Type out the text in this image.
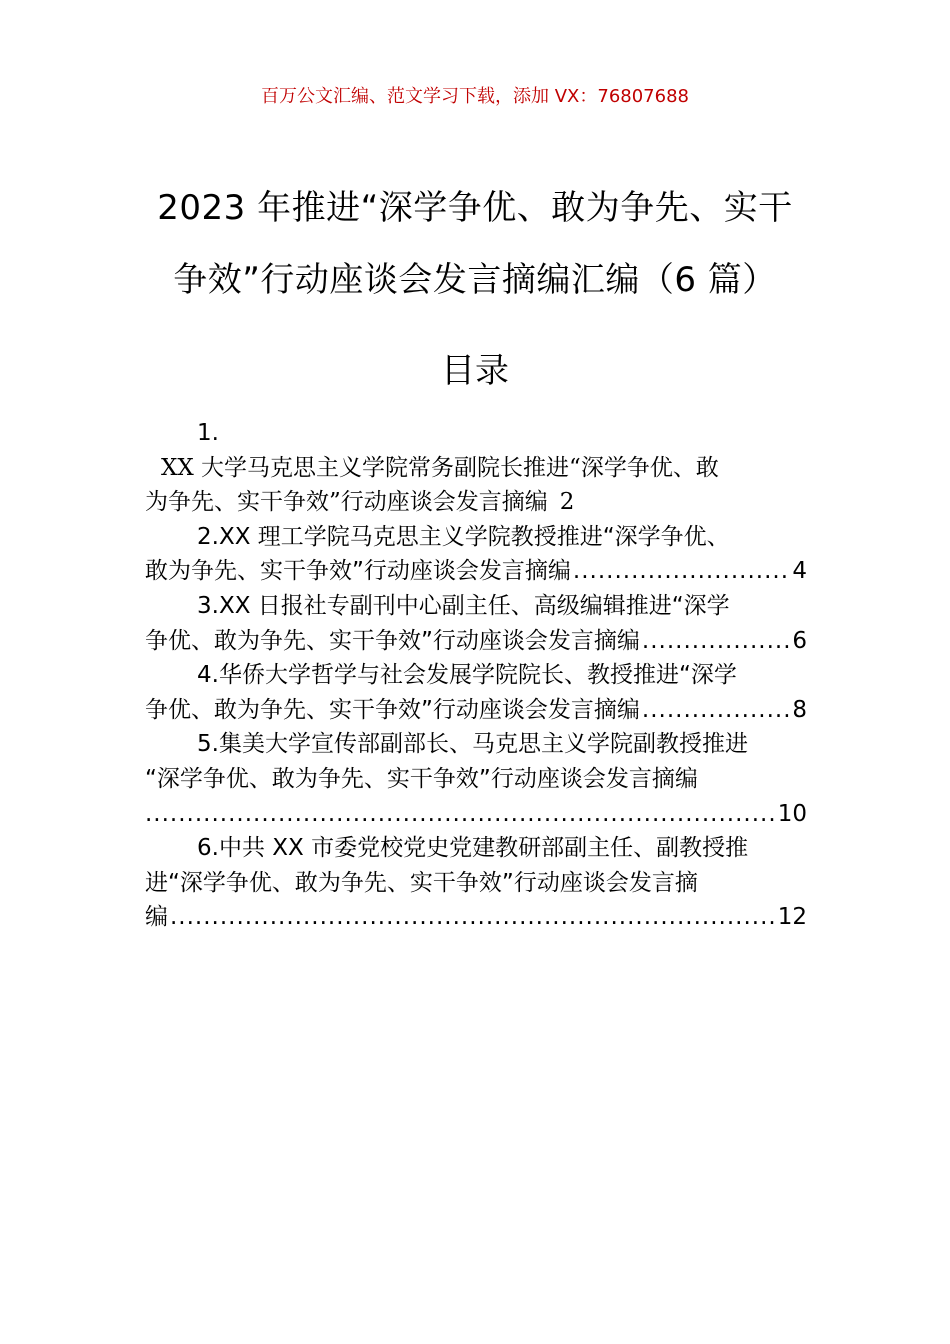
百万公文汇编、范文学习下载，添加 VX：76807688
2023 年推进“深学争优、敢为争先、实干
争效”行动座谈会发言摘编汇编（6 篇）
目录
1.
XX 大学马克思主义学院常务副院长推进“深学争优、敢
为争先、实干争效”行动座谈会发言摘编 2
2.XX 理工学院马克思主义学院教授推进“深学争优、
敢为争先、实干争效”行动座谈会发言摘编 .....	4
3.XX 日报社专副刊中心副主任、高级编辑推进“深学
争优、敢为争先、实干争效”行动座谈会发言摘编 .....	6
4.华侨大学哲学与社会发展学院院长、教授推进“深学
争优、敢为争先、实干争效”行动座谈会发言摘编 .....	8
5.集美大学宣传部副部长、马克思主义学院副教授推进
“深学争优、敢为争先、实干争效”行动座谈会发言摘编
.....
10
6.中共 XX 市委党校党史党建教研部副主任、副教授推
进“深学争优、敢为争先、实干争效”行动座谈会发言摘
编 .....	12
